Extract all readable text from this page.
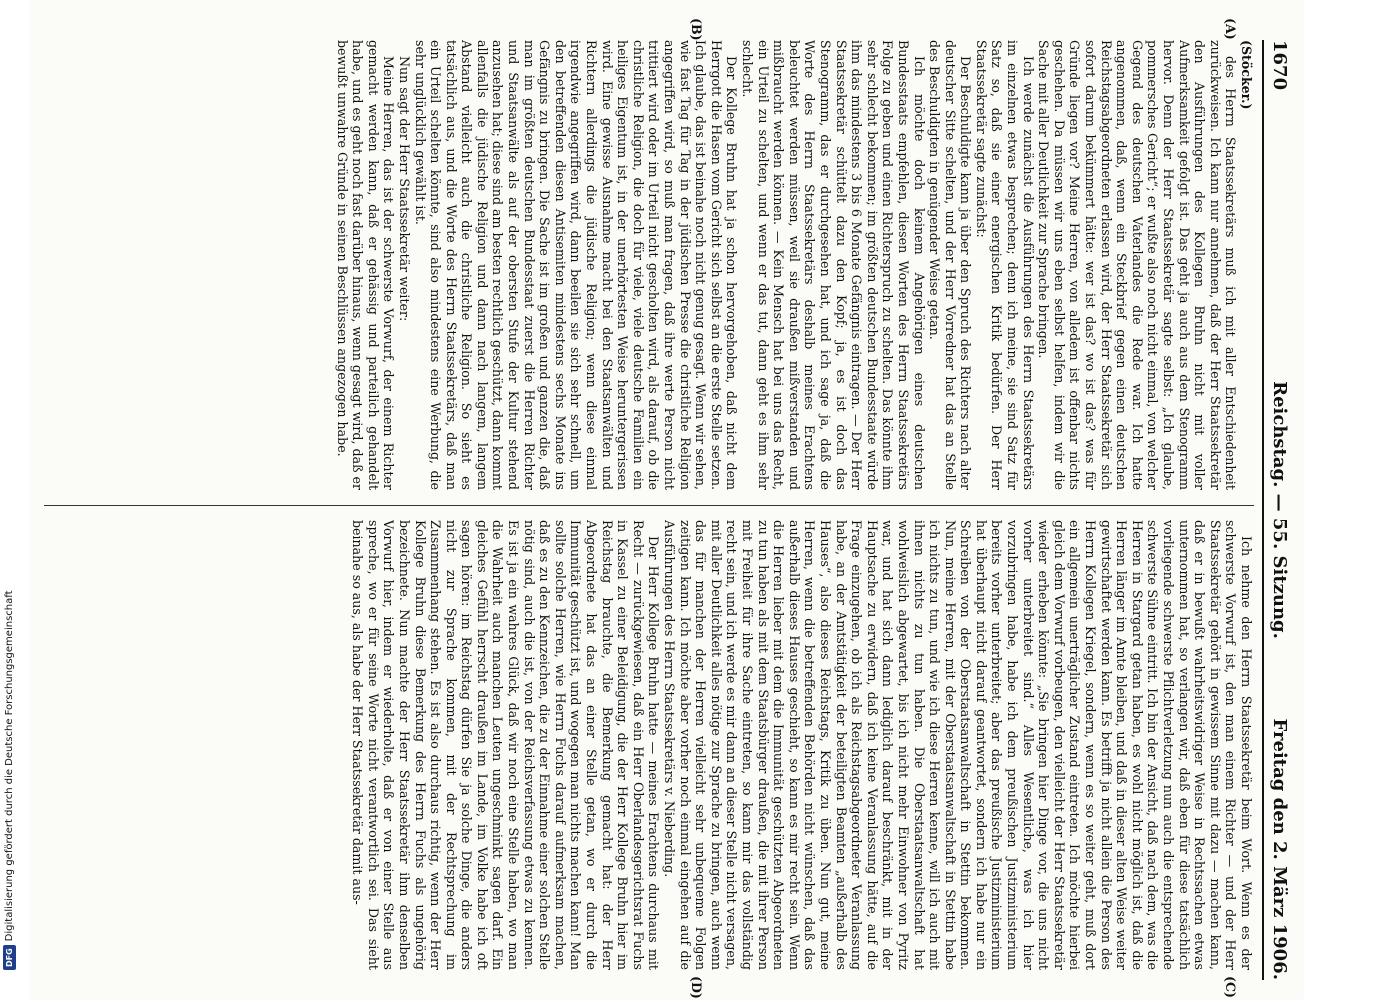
1670
Reichstag. — 55. Sitzung.
Freitag den 2. März 1906.
(A)
(B)
(C)
(D)

(Stöcker.)

des Herrn Staatssekretärs muß ich mit aller Entschiedenheit zurückweisen. Ich kann nur annehmen, daß der Herr Staatssekretär den Ausführungen des Kollegen Bruhn nicht mit voller Aufmerksamkeit gefolgt ist. Das geht ja auch aus dem Stenogramm hervor. Denn der Herr Staatssekretär sagte selbst: „Ich glaube, pommersches Gericht“; er wußte also noch nicht einmal, von welcher Gegend des deutschen Vaterlandes die Rede war. Ich hatte angenommen, daß, wenn ein Steckbrief gegen einen deutschen Reichstagsabgeordneten erlassen wird, der Herr Staatssekretär sich sofort darum bekümmert hätte: wer ist das? wo ist das? was für Gründe liegen vor? Meine Herren, von alledem ist offenbar nichts geschehen. Da müssen wir uns eben selbst helfen, indem wir die Sache mit aller Deutlichkeit zur Sprache bringen.

Ich werde zunächst die Ausführungen des Herrn Staatssekretärs im einzelnen etwas besprechen; denn ich meine, sie sind Satz für Satz so, daß sie einer energischen Kritik bedürfen. Der Herr Staatssekretär sagte zunächst:

Der Beschuldigte kann ja über den Spruch des Richters nach alter deutscher Sitte schelten, und der Herr Vorredner hat das an Stelle des Beschuldigten in genügender Weise getan.

Ich möchte doch keinem Angehörigen eines deutschen Bundesstaats empfehlen, diesen Worten des Herrn Staatssekretärs Folge zu geben und einen Richterspruch zu schelten. Das könnte ihm sehr schlecht bekommen; im größten deutschen Bundesstaate würde ihm das mindestens 3 bis 6 Monate Gefängnis eintragen. — Der Herr Staatssekretär schüttelt dazu den Kopf; ja, es ist doch das Stenogramm, das er durchgesehen hat, und ich sage ja, daß die Worte des Herrn Staatssekretärs deshalb meines Erachtens beleuchtet werden müssen, weil sie draußen mißverstanden und mißbraucht werden können. — Kein Mensch hat bei uns das Recht, ein Urteil zu schelten, und wenn er das tut, dann geht es ihm sehr schlecht.

Der Kollege Bruhn hat ja schon hervorgehoben, daß nicht dem Herrgott die Hasen vom Gericht sich selbst an die erste Stelle setzen. Ich glaube, das ist beinahe noch nicht genug gesagt. Wenn wir sehen, wie fast Tag für Tag in der jüdischen Presse die christliche Religion angegriffen wird, so muß man fragen, daß ihre werte Person nicht trittiert wird oder im Urteil nicht gescholten wird, als darauf, ob die christliche Religion, die doch für viele, viele deutsche Familien ein heiliges Eigentum ist, in der unerhörtesten Weise heruntergerissen wird. Eine gewisse Ausnahme macht bei den Staatsanwälten und Richtern allerdings die jüdische Religion; wenn diese einmal irgendwie angegriffen wird, dann beeilen sie sich sehr schnell, um den betreffenden diesen Antisemiten mindestens sechs Monate ins Gefängnis zu bringen. Die Sache ist im großen und ganzen die, daß man im größten deutschen Bundesstaat zuerst die Herren Richter und Staatsanwälte als auf der obersten Stufe der Kultur stehend anzusehen hat; diese sind am besten rechtlich geschützt, dann kommt allenfalls die jüdische Religion und dann nach langem, langem Abstand vielleicht auch die christliche Religion. So sieht es tatsächlich aus, und die Worte des Herrn Staatssekretärs, daß man ein Urteil schelten könnte, sind also mindestens eine Werbung, die sehr unglücklich gewählt ist.

Nun sagt der Herr Staatssekretär weiter:

Meine Herren, das ist der schwerste Vorwurf, der einem Richter gemacht werden kann, daß er gehässig und parteilich gehandelt habe, und es geht noch fast darüber hinaus, wenn gesagt wird, daß er bewußt unwahre Gründe in seinen Beschlüssen angezogen habe.

Ich nehme den Herrn Staatssekretär beim Wort. Wenn es der schwerste Vorwurf ist, den man einem Richter — und der Herr Staatssekretär gehört in gewissem Sinne mit dazu — machen kann, daß er in bewußt wahrheitswidriger Weise in Rechtssachen etwas unternommen hat, so verlangen wir, daß eben für diese tatsächlich vorliegende schwerste Pflichtverletzung nun auch die entsprechende schwerste Sühne eintritt. Ich bin der Ansicht, daß nach dem, was die Herren in Stargard getan haben, es wohl nicht möglich ist, daß die Herren länger im Amte bleiben, und daß in dieser alten Weise weiter gewirtschaftet werden kann. Es betrifft ja nicht allein die Person des Herrn Kollegen Kriegel, sondern, wenn es so weiter geht, muß dort ein allgemein unerträglicher Zustand eintreten. Ich möchte hierbei gleich dem Vorwurf vorbeugen, den vielleicht der Herr Staatssekretär wieder erheben könnte: „Sie bringen hier Dinge vor, die uns nicht vorher unterbreitet sind.“ Alles Wesentliche, was ich hier vorzubringen habe, habe ich dem preußischen Justizministerium bereits vorher unterbreitet; aber das preußische Justizministerium hat überhaupt nicht darauf geantwortet, sondern ich habe nur ein Schreiben von der Oberstaatsanwaltschaft in Stettin bekommen. Nun, meine Herren, mit der Oberstaatsanwaltschaft in Stettin habe ich nichts zu tun, und wie ich diese Herren kenne, will ich auch mit ihnen nichts zu tun haben. Die Oberstaatsanwaltschaft hat wohlweislich abgewartet, bis ich nicht mehr Einwohner von Pyritz war, und hat sich dann lediglich darauf beschränkt, mit in der Hauptsache zu erwidern, daß ich keine Veranlassung hätte, auf die Frage einzugehen, ob ich als Reichstagsabgeordneter Veranlassung habe, an der Amtstätigkeit der beteiligten Beamten „außerhalb des Hauses“, also dieses Reichstags, Kritik zu üben. Nun gut, meine Herren, wenn die betreffenden Behörden nicht wünschen, daß das außerhalb dieses Hauses geschieht, so kann es mir recht sein. Wenn die Herren lieber mit dem die Immunität geschützten Abgeordneten zu tun haben als mit dem Staatsbürger draußen, die mit ihrer Person mit Freiheit für ihre Sache eintreten, so kann mir das vollständig recht sein, und ich werde es mir dann an dieser Stelle nicht versagen, mit aller Deutlichkeit alles nötige zur Sprache zu bringen, auch wenn das für manchen der Herren vielleicht sehr unbequeme Folgen zeitigen kann. Ich möchte aber vorher noch einmal eingehen auf die Ausführungen des Herrn Staatssekretärs v. Nieberding.

Der Herr Kollege Bruhn hatte — meines Erachtens durchaus mit Recht — zurückgewiesen, daß ein Herr Oberlandesgerichtsrat Fuchs in Kassel zu einer Beleidigung, die der Herr Kollege Bruhn hier im Reichstag brauchte, die Bemerkung gemacht hat: der Herr Abgeordnete hat das an einer Stelle getan, wo er durch die Immunität geschützt ist, und wogegen man nichts machen kann! Man sollte solche Herren, wie Herrn Fuchs darauf aufmerksam machen, daß es zu den Kennzeichen, die zu der Einnahme einer solchen Stelle nötig sind, auch die ist, von der Reichsverfassung etwas zu kennen. Es ist ja ein wahres Glück, daß wir noch eine Stelle haben, wo man die Wahrheit auch manchen Leuten ungeschminkt sagen darf. Ein gleiches Gefühl herrscht draußen im Lande, im Volke habe ich oft sagen hören: im Reichstag dürfen Sie ja solche Dinge, die anders nicht zur Sprache kommen, mit der Rechtsprechung im Zusammenhang stehen. Es ist also durchaus richtig, wenn der Herr Kollege Bruhn diese Bemerkung des Herrn Fuchs als ungehörig bezeichnete. Nun machte der Herr Staatssekretär ihm denselben Vorwurf hier, indem er wiederholte, daß er von einer Stelle aus spreche, wo er für seine Worte nicht verantwortlich sei. Das sieht beinahe so aus, als habe der Herr Staatssekretär damit aus-

DFG
Digitalisierung gefördert durch die Deutsche Forschungsgemeinschaft
